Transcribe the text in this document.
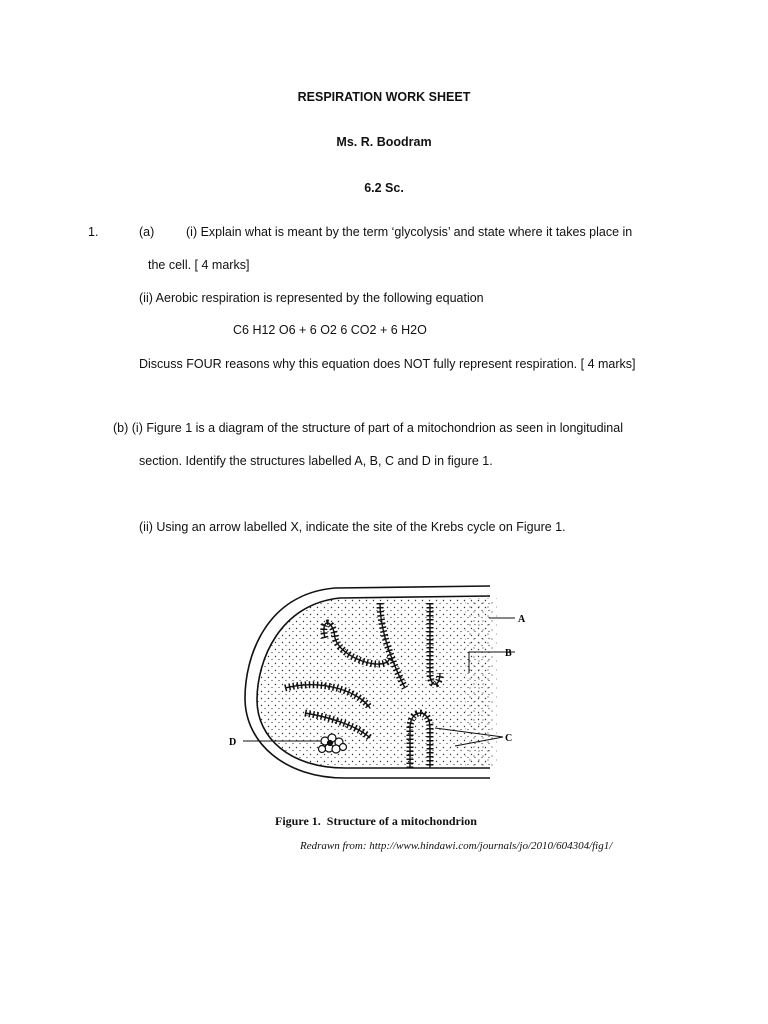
RESPIRATION WORK SHEET
Ms. R. Boodram
6.2 Sc.
1.	(a)	(i) Explain what is meant by the term ‘glycolysis’ and state where it takes place in
the cell. [ 4 marks]
(ii) Aerobic respiration is represented by the following equation
C6 H12 O6 + 6 O2 6 CO2 + 6 H2O
Discuss FOUR reasons why this equation does NOT fully represent respiration. [ 4 marks]
(b) (i) Figure 1 is a diagram of the structure of part of a mitochondrion as seen in longitudinal
section. Identify the structures labelled A, B, C and D in figure 1.
(ii) Using an arrow labelled X, indicate the site of the Krebs cycle on Figure 1.
A
B
C
D
Figure 1. Structure of a mitochondrion
Redrawn from: http://www.hindawi.com/journals/jo/2010/604304/fig1/
